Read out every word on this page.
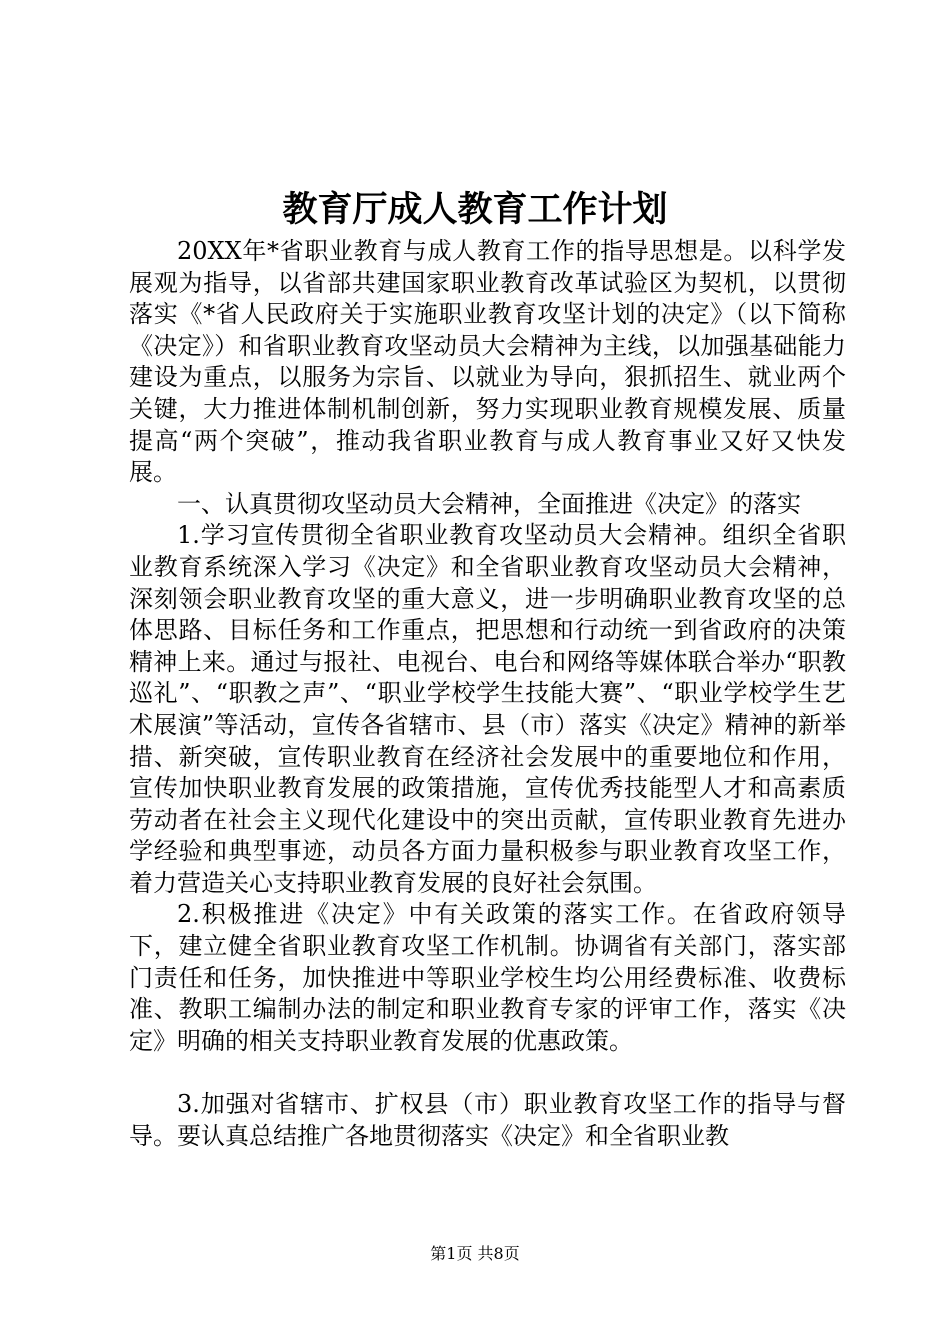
教育厅成人教育工作计划

20XX年*省职业教育与成人教育工作的指导思想是。以科学发展观为指导，以省部共建国家职业教育改革试验区为契机，以贯彻落实《*省人民政府关于实施职业教育攻坚计划的决定》（以下简称《决定》）和省职业教育攻坚动员大会精神为主线，以加强基础能力建设为重点，以服务为宗旨、以就业为导向，狠抓招生、就业两个关键，大力推进体制机制创新，努力实现职业教育规模发展、质量提高“两个突破”，推动我省职业教育与成人教育事业又好又快发展。

一、认真贯彻攻坚动员大会精神，全面推进《决定》的落实

1.学习宣传贯彻全省职业教育攻坚动员大会精神。组织全省职业教育系统深入学习《决定》和全省职业教育攻坚动员大会精神，深刻领会职业教育攻坚的重大意义，进一步明确职业教育攻坚的总体思路、目标任务和工作重点，把思想和行动统一到省政府的决策精神上来。通过与报社、电视台、电台和网络等媒体联合举办“职教巡礼”、“职教之声”、“职业学校学生技能大赛”、“职业学校学生艺术展演”等活动，宣传各省辖市、县（市）落实《决定》精神的新举措、新突破，宣传职业教育在经济社会发展中的重要地位和作用，宣传加快职业教育发展的政策措施，宣传优秀技能型人才和高素质劳动者在社会主义现代化建设中的突出贡献，宣传职业教育先进办学经验和典型事迹，动员各方面力量积极参与职业教育攻坚工作，着力营造关心支持职业教育发展的良好社会氛围。

2.积极推进《决定》中有关政策的落实工作。在省政府领导下，建立健全省职业教育攻坚工作机制。协调省有关部门，落实部门责任和任务，加快推进中等职业学校生均公用经费标准、收费标准、教职工编制办法的制定和职业教育专家的评审工作，落实《决定》明确的相关支持职业教育发展的优惠政策。

3.加强对省辖市、扩权县（市）职业教育攻坚工作的指导与督导。要认真总结推广各地贯彻落实《决定》和全省职业教

第1页 共8页
